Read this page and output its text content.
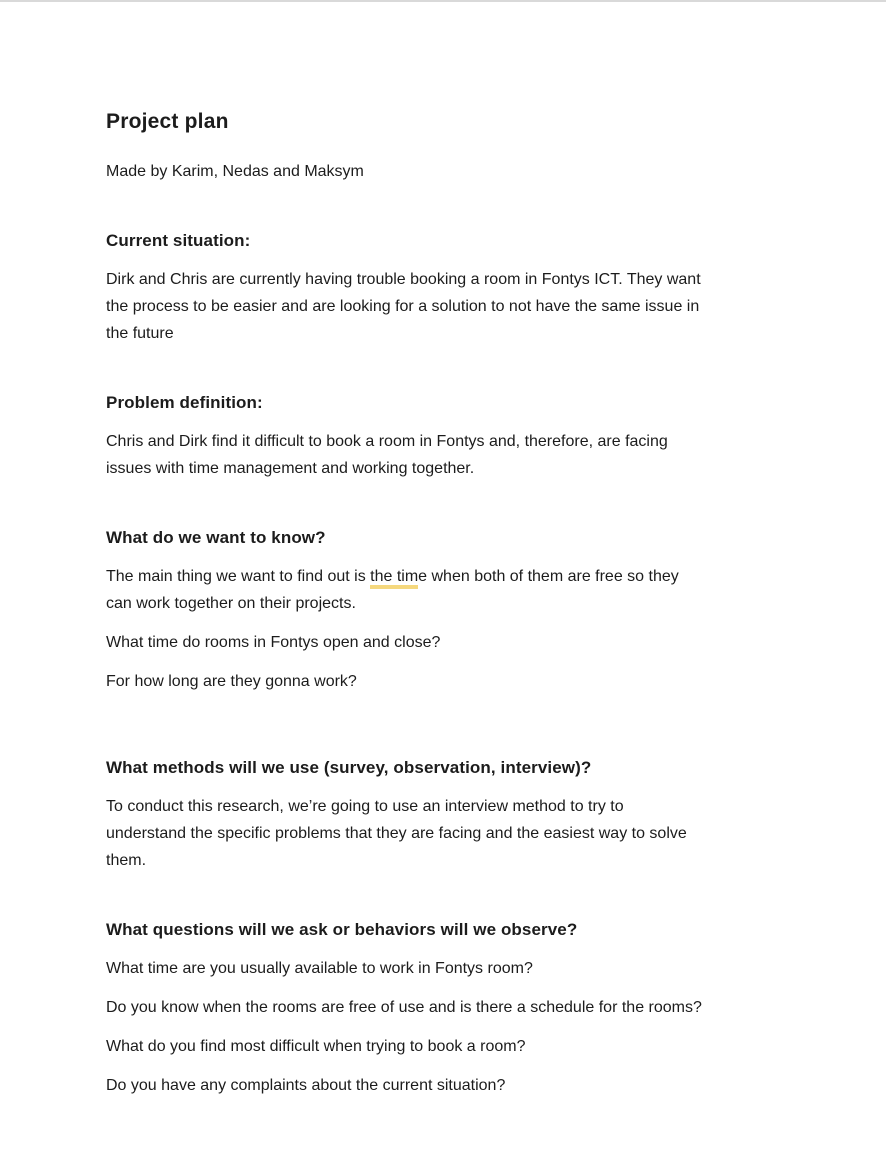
Project plan

Made by Karim, Nedas and Maksym

Current situation:

Dirk and Chris are currently having trouble booking a room in Fontys ICT. They want
the process to be easier and are looking for a solution to not have the same issue in
the future

Problem definition:

Chris and Dirk find it difficult to book a room in Fontys and, therefore, are facing
issues with time management and working together.

What do we want to know?

The main thing we want to find out is the time when both of them are free so they
can work together on their projects.

What time do rooms in Fontys open and close?

For how long are they gonna work?

What methods will we use (survey, observation, interview)?

To conduct this research, we’re going to use an interview method to try to
understand the specific problems that they are facing and the easiest way to solve
them.

What questions will we ask or behaviors will we observe?

What time are you usually available to work in Fontys room?

Do you know when the rooms are free of use and is there a schedule for the rooms?

What do you find most difficult when trying to book a room?

Do you have any complaints about the current situation?
